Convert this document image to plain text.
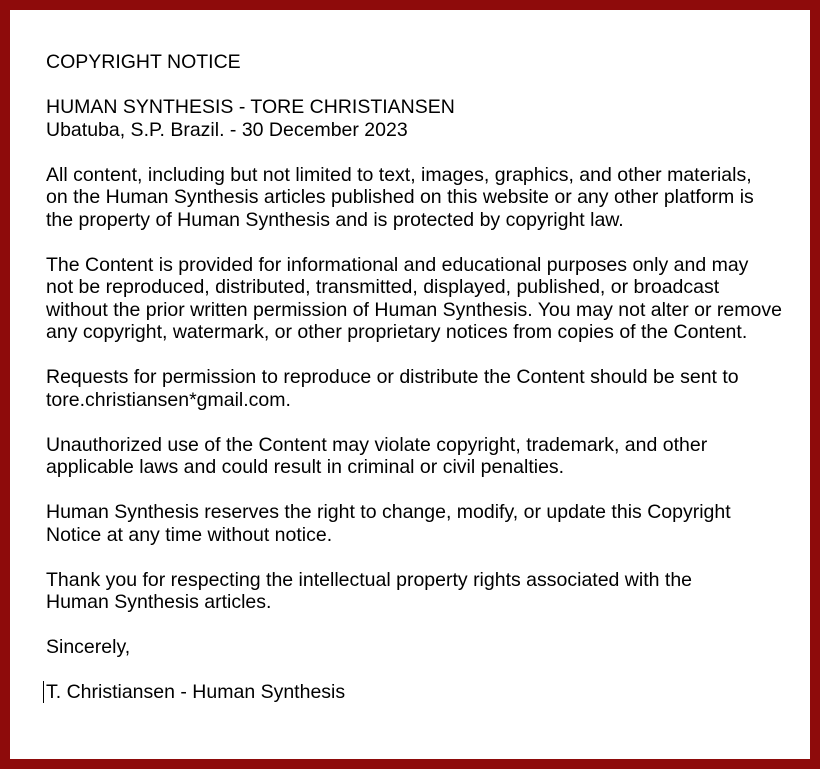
COPYRIGHT NOTICE
HUMAN SYNTHESIS - TORE CHRISTIANSEN
Ubatuba, S.P. Brazil. - 30 December 2023
All content, including but not limited to text, images, graphics, and other materials,
on the Human Synthesis articles published on this website or any other platform is
the property of Human Synthesis and is protected by copyright law.
The Content is provided for informational and educational purposes only and may
not be reproduced, distributed, transmitted, displayed, published, or broadcast
without the prior written permission of Human Synthesis. You may not alter or remove
any copyright, watermark, or other proprietary notices from copies of the Content.
Requests for permission to reproduce or distribute the Content should be sent to
tore.christiansen*gmail.com.
Unauthorized use of the Content may violate copyright, trademark, and other
applicable laws and could result in criminal or civil penalties.
Human Synthesis reserves the right to change, modify, or update this Copyright
Notice at any time without notice.
Thank you for respecting the intellectual property rights associated with the
Human Synthesis articles.
Sincerely,
T. Christiansen - Human Synthesis
